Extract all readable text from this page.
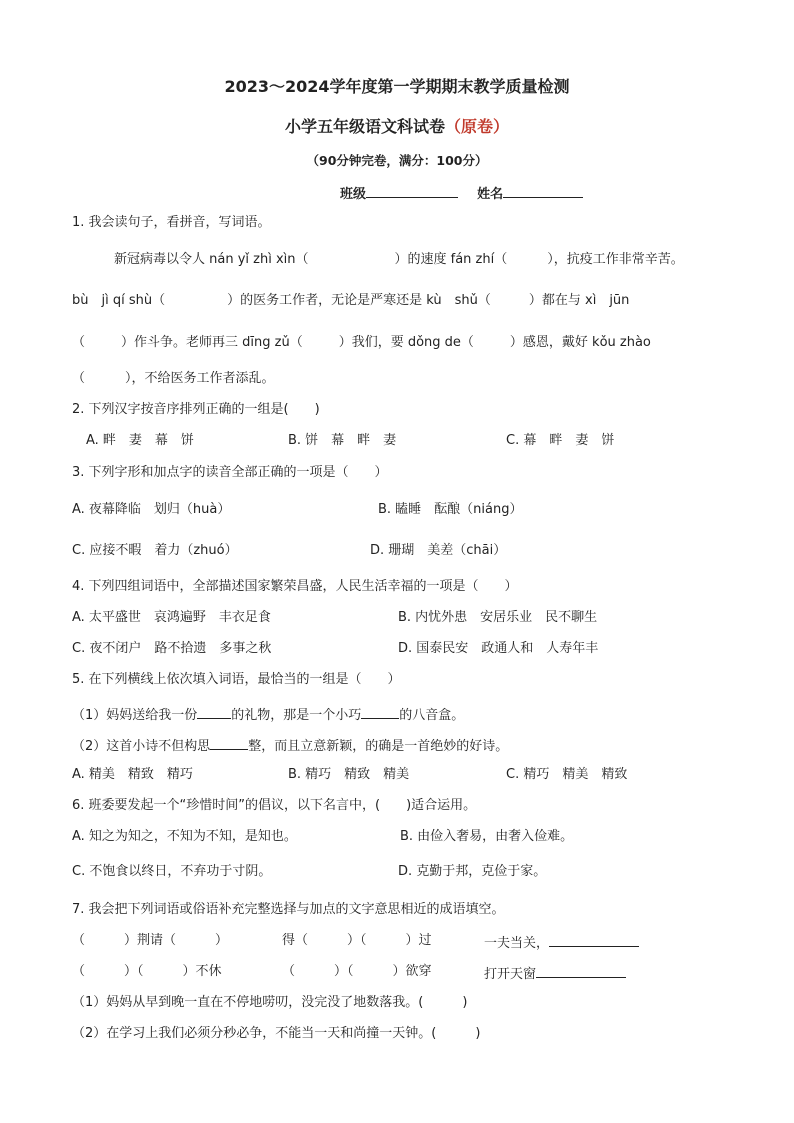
2023～2024学年度第一学期期末教学质量检测
小学五年级语文科试卷（原卷）
（90分钟完卷，满分：100分）
班级	姓名
1. 我会读句子，看拼音，写词语。
新冠病毒以令人 nán yǐ zhì xìn（	）的速度 fán zhí（	），抗疫工作非常辛苦。
bù　jì qí shù（	）的医务工作者，无论是严寒还是 kù　shǔ（	）都在与 xì　jūn
（	）作斗争。老师再三 dīng zǔ（	）我们，要 dǒng de（	）感恩，戴好 kǒu zhào
（	），不给医务工作者添乱。
2. 下列汉字按音序排列正确的一组是(　　)
A. 畔　妻　幕　饼	B. 饼　幕　畔　妻	C. 幕　畔　妻　饼
3. 下列字形和加点字的读音全部正确的一项是（　　）
A. 夜幕降临　划归（huà）	B. 瞌睡　酝酿（niáng）
C. 应接不暇　着力（zhuó）	D. 珊瑚　美差（chāi）
4. 下列四组词语中，全部描述国家繁荣昌盛，人民生活幸福的一项是（　　）
A. 太平盛世　哀鸿遍野　丰衣足食	B. 内忧外患　安居乐业　民不聊生
C. 夜不闭户　路不拾遗　多事之秋	D. 国泰民安　政通人和　人寿年丰
5. 在下列横线上依次填入词语，最恰当的一组是（　　）
（1）妈妈送给我一份	的礼物，那是一个小巧	的八音盒。
（2）这首小诗不但构思	整，而且立意新颖，的确是一首绝妙的好诗。
A. 精美　精致　精巧	B. 精巧　精致　精美	C. 精巧　精美　精致
6. 班委要发起一个“珍惜时间”的倡议，以下名言中，(　　)适合运用。
A. 知之为知之，不知为不知，是知也。	B. 由俭入奢易，由奢入俭难。
C. 不饱食以终日，不弃功于寸阴。	D. 克勤于邦，克俭于家。
7. 我会把下列词语或俗语补充完整选择与加点的文字意思相近的成语填空。
（　　　）荆请（　　　）	得（　　　）（　　　）过	一夫当关，
（　　　）（　　　）不休	（　　　）（　　　）欲穿	打开天窗
（1）妈妈从早到晚一直在不停地唠叨，没完没了地数落我。(　　　)
（2）在学习上我们必须分秒必争，不能当一天和尚撞一天钟。(　　　)
